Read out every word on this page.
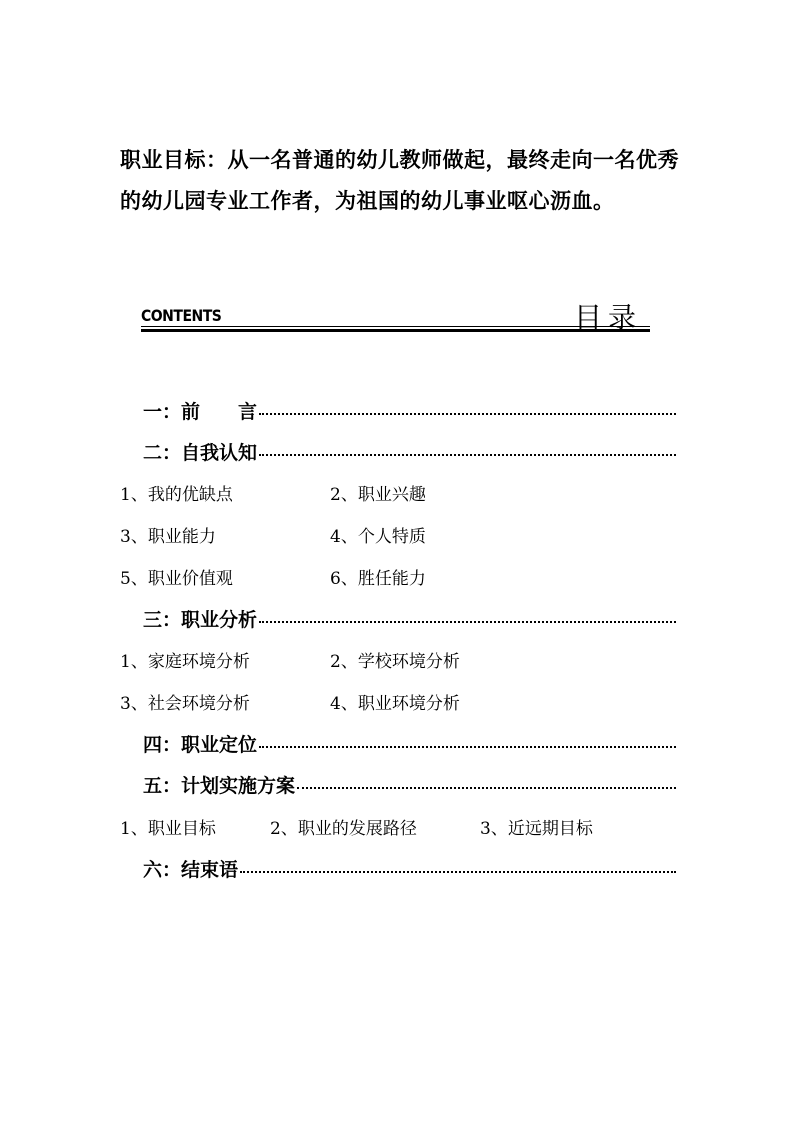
职业目标：从一名普通的幼儿教师做起，最终走向一名优秀的幼儿园专业工作者，为祖国的幼儿事业呕心沥血。

CONTENTS	目录
一：前　　言
二：自我认知
1、我的优缺点	2、职业兴趣
3、职业能力	4、个人特质
5、职业价值观	6、胜任能力
三：职业分析
1、家庭环境分析	2、学校环境分析
3、社会环境分析	4、职业环境分析
四：职业定位
五：计划实施方案
1、职业目标	2、职业的发展路径	3、近远期目标
六：结束语
